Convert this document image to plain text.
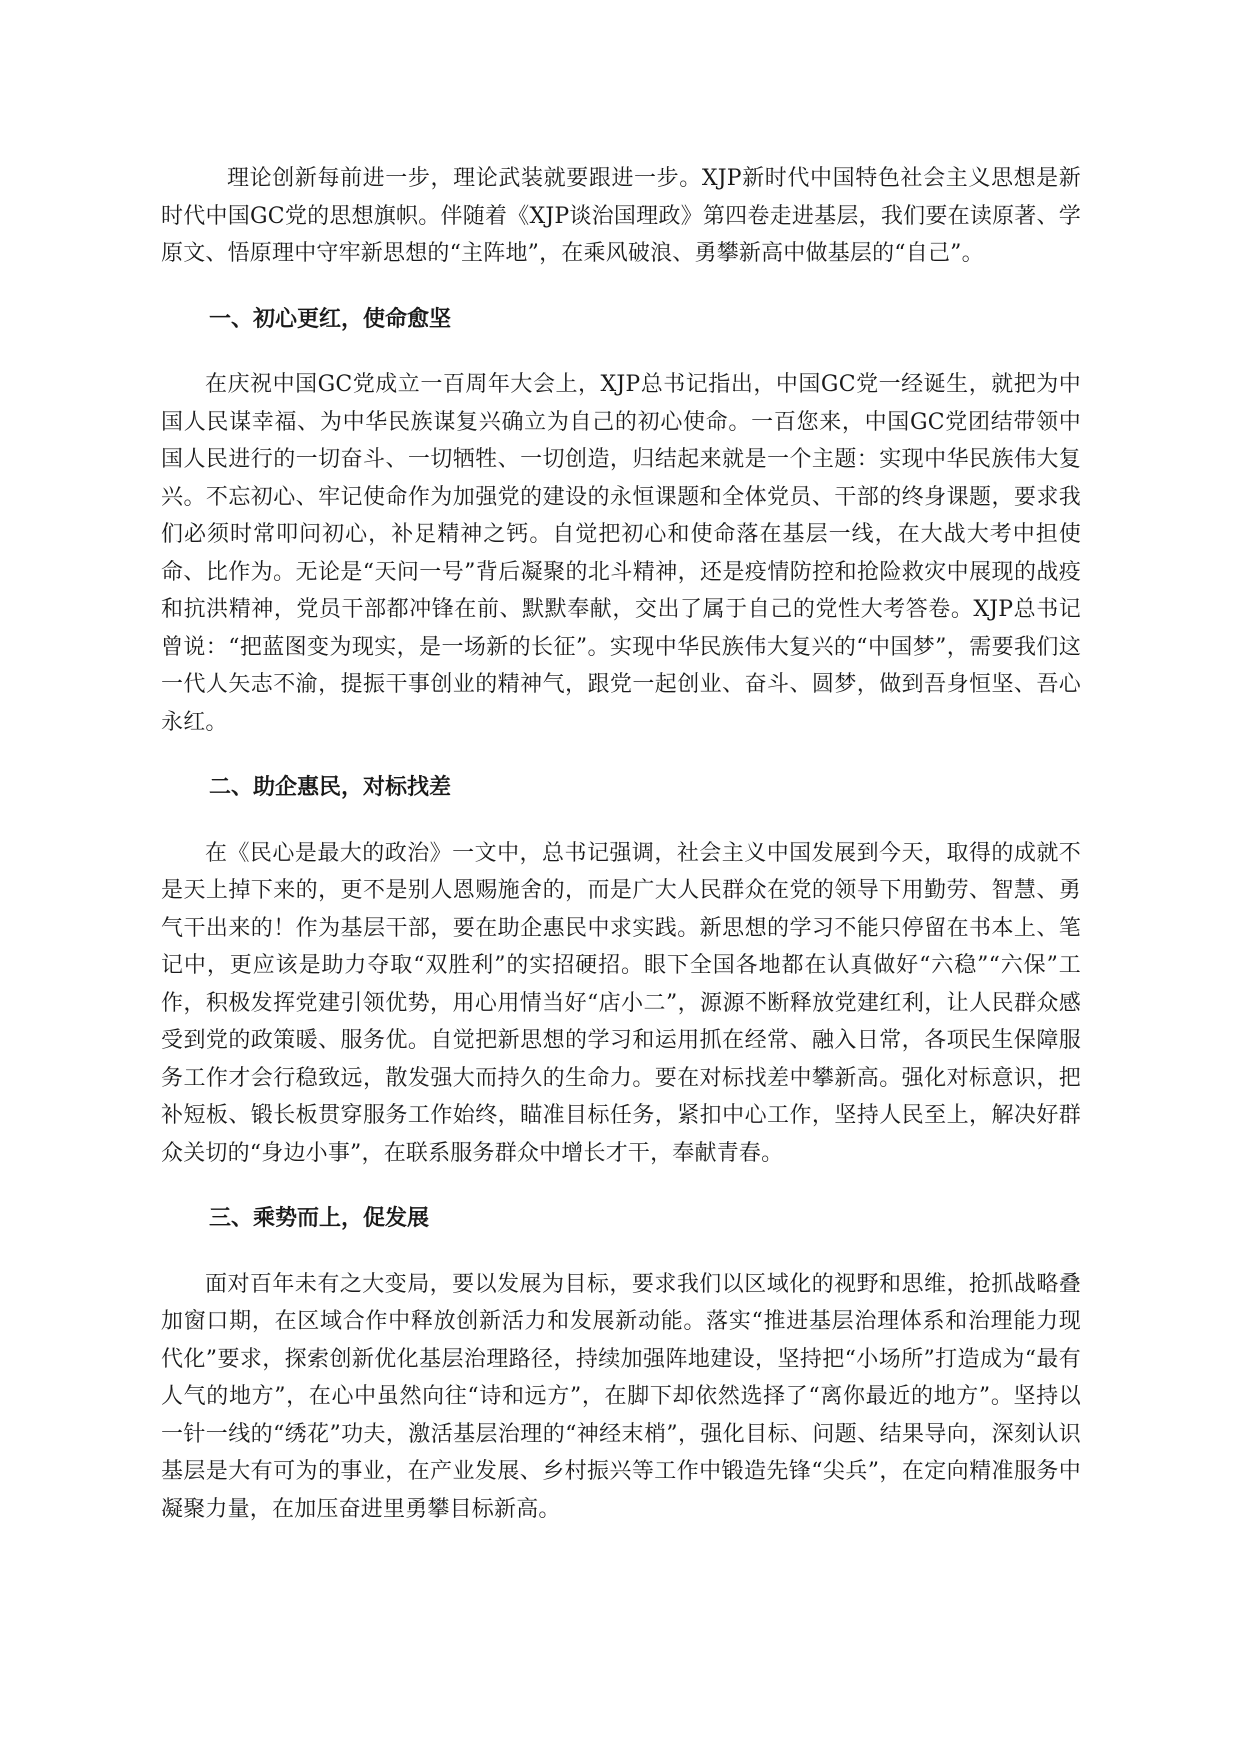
理论创新每前进一步，理论武装就要跟进一步。XJP新时代中国特色社会主义思想是新时代中国GC党的思想旗帜。伴随着《XJP谈治国理政》第四卷走进基层，我们要在读原著、学原文、悟原理中守牢新思想的“主阵地”，在乘风破浪、勇攀新高中做基层的“自己”。

一、初心更红，使命愈坚

在庆祝中国GC党成立一百周年大会上，XJP总书记指出，中国GC党一经诞生，就把为中国人民谋幸福、为中华民族谋复兴确立为自己的初心使命。一百您来，中国GC党团结带领中国人民进行的一切奋斗、一切牺牲、一切创造，归结起来就是一个主题：实现中华民族伟大复兴。不忘初心、牢记使命作为加强党的建设的永恒课题和全体党员、干部的终身课题，要求我们必须时常叩问初心，补足精神之钙。自觉把初心和使命落在基层一线，在大战大考中担使命、比作为。无论是“天问一号”背后凝聚的北斗精神，还是疫情防控和抢险救灾中展现的战疫和抗洪精神，党员干部都冲锋在前、默默奉献，交出了属于自己的党性大考答卷。XJP总书记曾说：“把蓝图变为现实，是一场新的长征”。实现中华民族伟大复兴的“中国梦”，需要我们这一代人矢志不渝，提振干事创业的精神气，跟党一起创业、奋斗、圆梦，做到吾身恒坚、吾心永红。

二、助企惠民，对标找差

在《民心是最大的政治》一文中，总书记强调，社会主义中国发展到今天，取得的成就不是天上掉下来的，更不是别人恩赐施舍的，而是广大人民群众在党的领导下用勤劳、智慧、勇气干出来的！作为基层干部，要在助企惠民中求实践。新思想的学习不能只停留在书本上、笔记中，更应该是助力夺取“双胜利”的实招硬招。眼下全国各地都在认真做好“六稳”“六保”工作，积极发挥党建引领优势，用心用情当好“店小二”，源源不断释放党建红利，让人民群众感受到党的政策暖、服务优。自觉把新思想的学习和运用抓在经常、融入日常，各项民生保障服务工作才会行稳致远，散发强大而持久的生命力。要在对标找差中攀新高。强化对标意识，把补短板、锻长板贯穿服务工作始终，瞄准目标任务，紧扣中心工作，坚持人民至上，解决好群众关切的“身边小事”，在联系服务群众中增长才干，奉献青春。

三、乘势而上，促发展

面对百年未有之大变局，要以发展为目标，要求我们以区域化的视野和思维，抢抓战略叠加窗口期，在区域合作中释放创新活力和发展新动能。落实“推进基层治理体系和治理能力现代化”要求，探索创新优化基层治理路径，持续加强阵地建设，坚持把“小场所”打造成为“最有人气的地方”，在心中虽然向往“诗和远方”，在脚下却依然选择了“离你最近的地方”。坚持以一针一线的“绣花”功夫，激活基层治理的“神经末梢”，强化目标、问题、结果导向，深刻认识基层是大有可为的事业，在产业发展、乡村振兴等工作中锻造先锋“尖兵”，在定向精准服务中凝聚力量，在加压奋进里勇攀目标新高。
